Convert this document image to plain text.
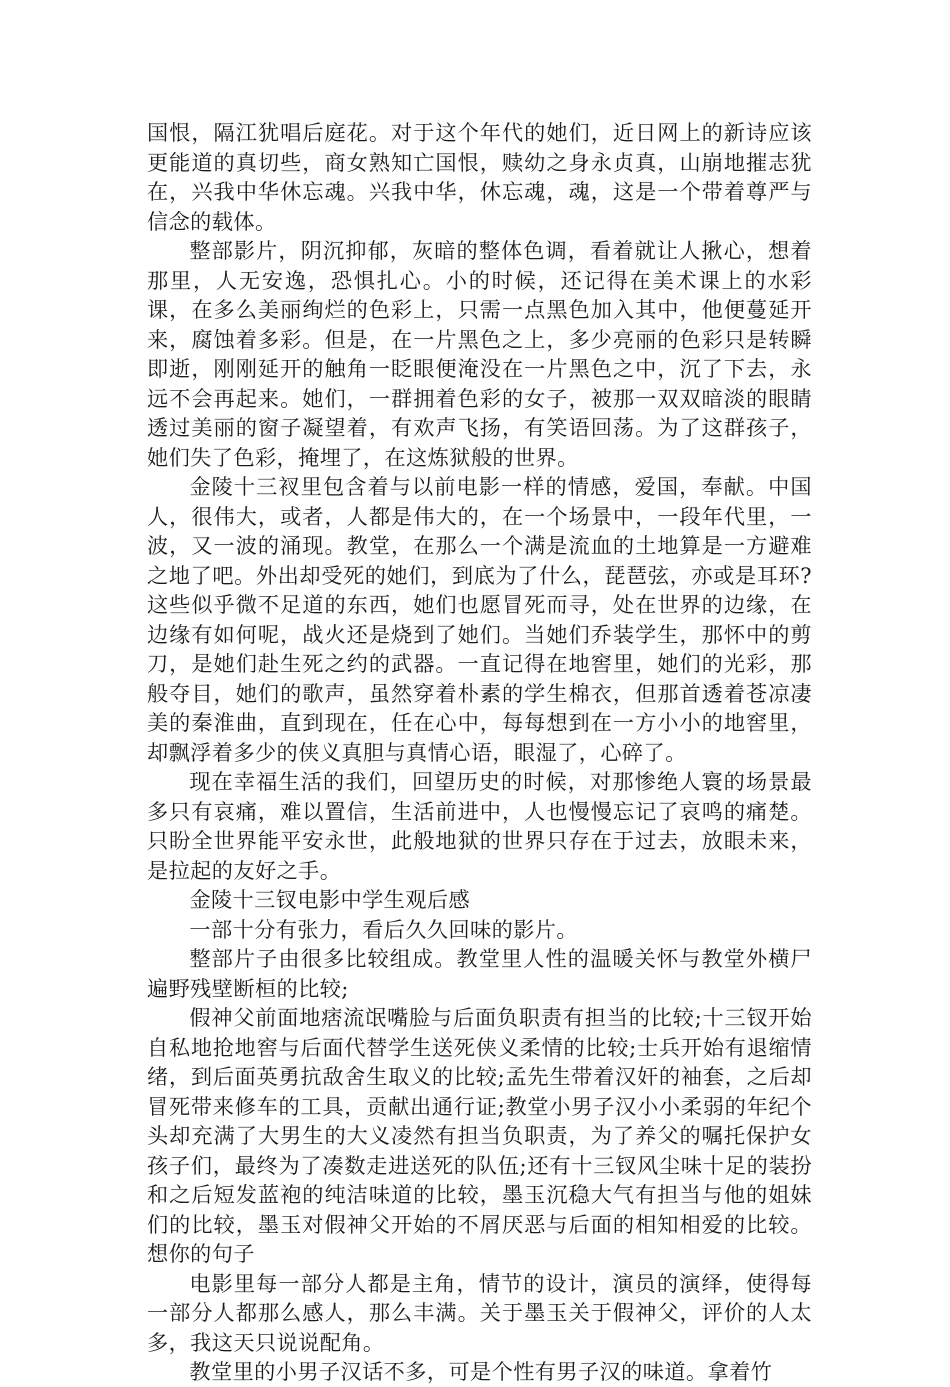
国恨，隔江犹唱后庭花。对于这个年代的她们，近日网上的新诗应该更能道的真切些，商女熟知亡国恨，赎幼之身永贞真，山崩地摧志犹在，兴我中华休忘魂。兴我中华，休忘魂，魂，这是一个带着尊严与信念的载体。

整部影片，阴沉抑郁，灰暗的整体色调，看着就让人揪心，想着那里，人无安逸，恐惧扎心。小的时候，还记得在美术课上的水彩课，在多么美丽绚烂的色彩上，只需一点黑色加入其中，他便蔓延开来，腐蚀着多彩。但是，在一片黑色之上，多少亮丽的色彩只是转瞬即逝，刚刚延开的触角一眨眼便淹没在一片黑色之中，沉了下去，永远不会再起来。她们，一群拥着色彩的女子，被那一双双暗淡的眼睛透过美丽的窗子凝望着，有欢声飞扬，有笑语回荡。为了这群孩子，她们失了色彩，掩埋了，在这炼狱般的世界。

金陵十三衩里包含着与以前电影一样的情感，爱国，奉献。中国人，很伟大，或者，人都是伟大的，在一个场景中，一段年代里，一波，又一波的涌现。教堂，在那么一个满是流血的土地算是一方避难之地了吧。外出却受死的她们，到底为了什么，琵琶弦，亦或是耳环?这些似乎微不足道的东西，她们也愿冒死而寻，处在世界的边缘，在边缘有如何呢，战火还是烧到了她们。当她们乔装学生，那怀中的剪刀，是她们赴生死之约的武器。一直记得在地窖里，她们的光彩，那般夺目，她们的歌声，虽然穿着朴素的学生棉衣，但那首透着苍凉凄美的秦淮曲，直到现在，任在心中，每每想到在一方小小的地窖里，却飘浮着多少的侠义真胆与真情心语，眼湿了，心碎了。

现在幸福生活的我们，回望历史的时候，对那惨绝人寰的场景最多只有哀痛，难以置信，生活前进中，人也慢慢忘记了哀鸣的痛楚。只盼全世界能平安永世，此般地狱的世界只存在于过去，放眼未来，是拉起的友好之手。

金陵十三钗电影中学生观后感

一部十分有张力，看后久久回味的影片。

整部片子由很多比较组成。教堂里人性的温暖关怀与教堂外横尸遍野残壁断桓的比较;

假神父前面地痞流氓嘴脸与后面负职责有担当的比较;十三钗开始自私地抢地窖与后面代替学生送死侠义柔情的比较;士兵开始有退缩情绪，到后面英勇抗敌舍生取义的比较;孟先生带着汉奸的袖套，之后却冒死带来修车的工具，贡献出通行证;教堂小男子汉小小柔弱的年纪个头却充满了大男生的大义凌然有担当负职责，为了养父的嘱托保护女孩子们，最终为了凑数走进送死的队伍;还有十三钗风尘味十足的装扮和之后短发蓝袍的纯洁味道的比较，墨玉沉稳大气有担当与他的姐妹们的比较，墨玉对假神父开始的不屑厌恶与后面的相知相爱的比较。想你的句子

电影里每一部分人都是主角，情节的设计，演员的演绎，使得每一部分人都那么感人，那么丰满。关于墨玉关于假神父，评价的人太多，我这天只说说配角。

教堂里的小男子汉话不多，可是个性有男子汉的味道。拿着竹
